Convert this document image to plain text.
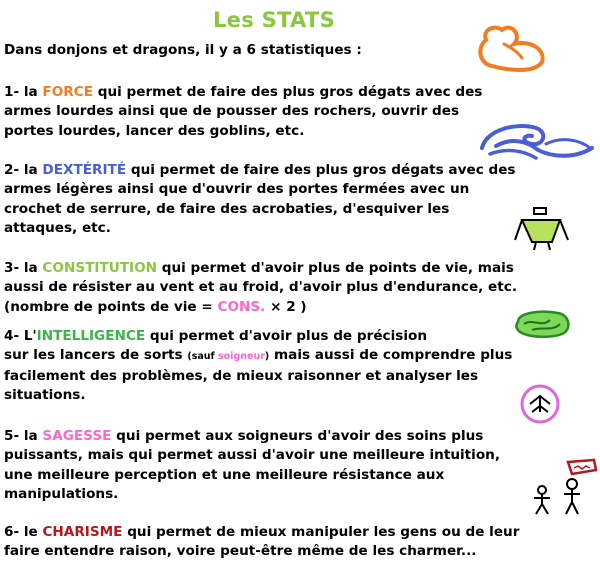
Les STATS
Dans donjons et dragons, il y a 6 statistiques :
1- la FORCE qui permet de faire des plus gros dégats avec des
armes lourdes ainsi que de pousser des rochers, ouvrir des
portes lourdes, lancer des goblins, etc.
2- la DEXTÉRITÉ qui permet de faire des plus gros dégats avec des
armes légères ainsi que d'ouvrir des portes fermées avec un
crochet de serrure, de faire des acrobaties, d'esquiver les
attaques, etc.
3- la CONSTITUTION qui permet d'avoir plus de points de vie, mais
aussi de résister au vent et au froid, d'avoir plus d'endurance, etc.
(nombre de points de vie = CONS. × 2 )
4- L'INTELLIGENCE qui permet d'avoir plus de précision
sur les lancers de sorts (sauf soigneur) mais aussi de comprendre plus
facilement des problèmes, de mieux raisonner et analyser les
situations.
5- la SAGESSE qui permet aux soigneurs d'avoir des soins plus
puissants, mais qui permet aussi d'avoir une meilleure intuition,
une meilleure perception et une meilleure résistance aux
manipulations.
6- le CHARISME qui permet de mieux manipuler les gens ou de leur
faire entendre raison, voire peut-être même de les charmer...
